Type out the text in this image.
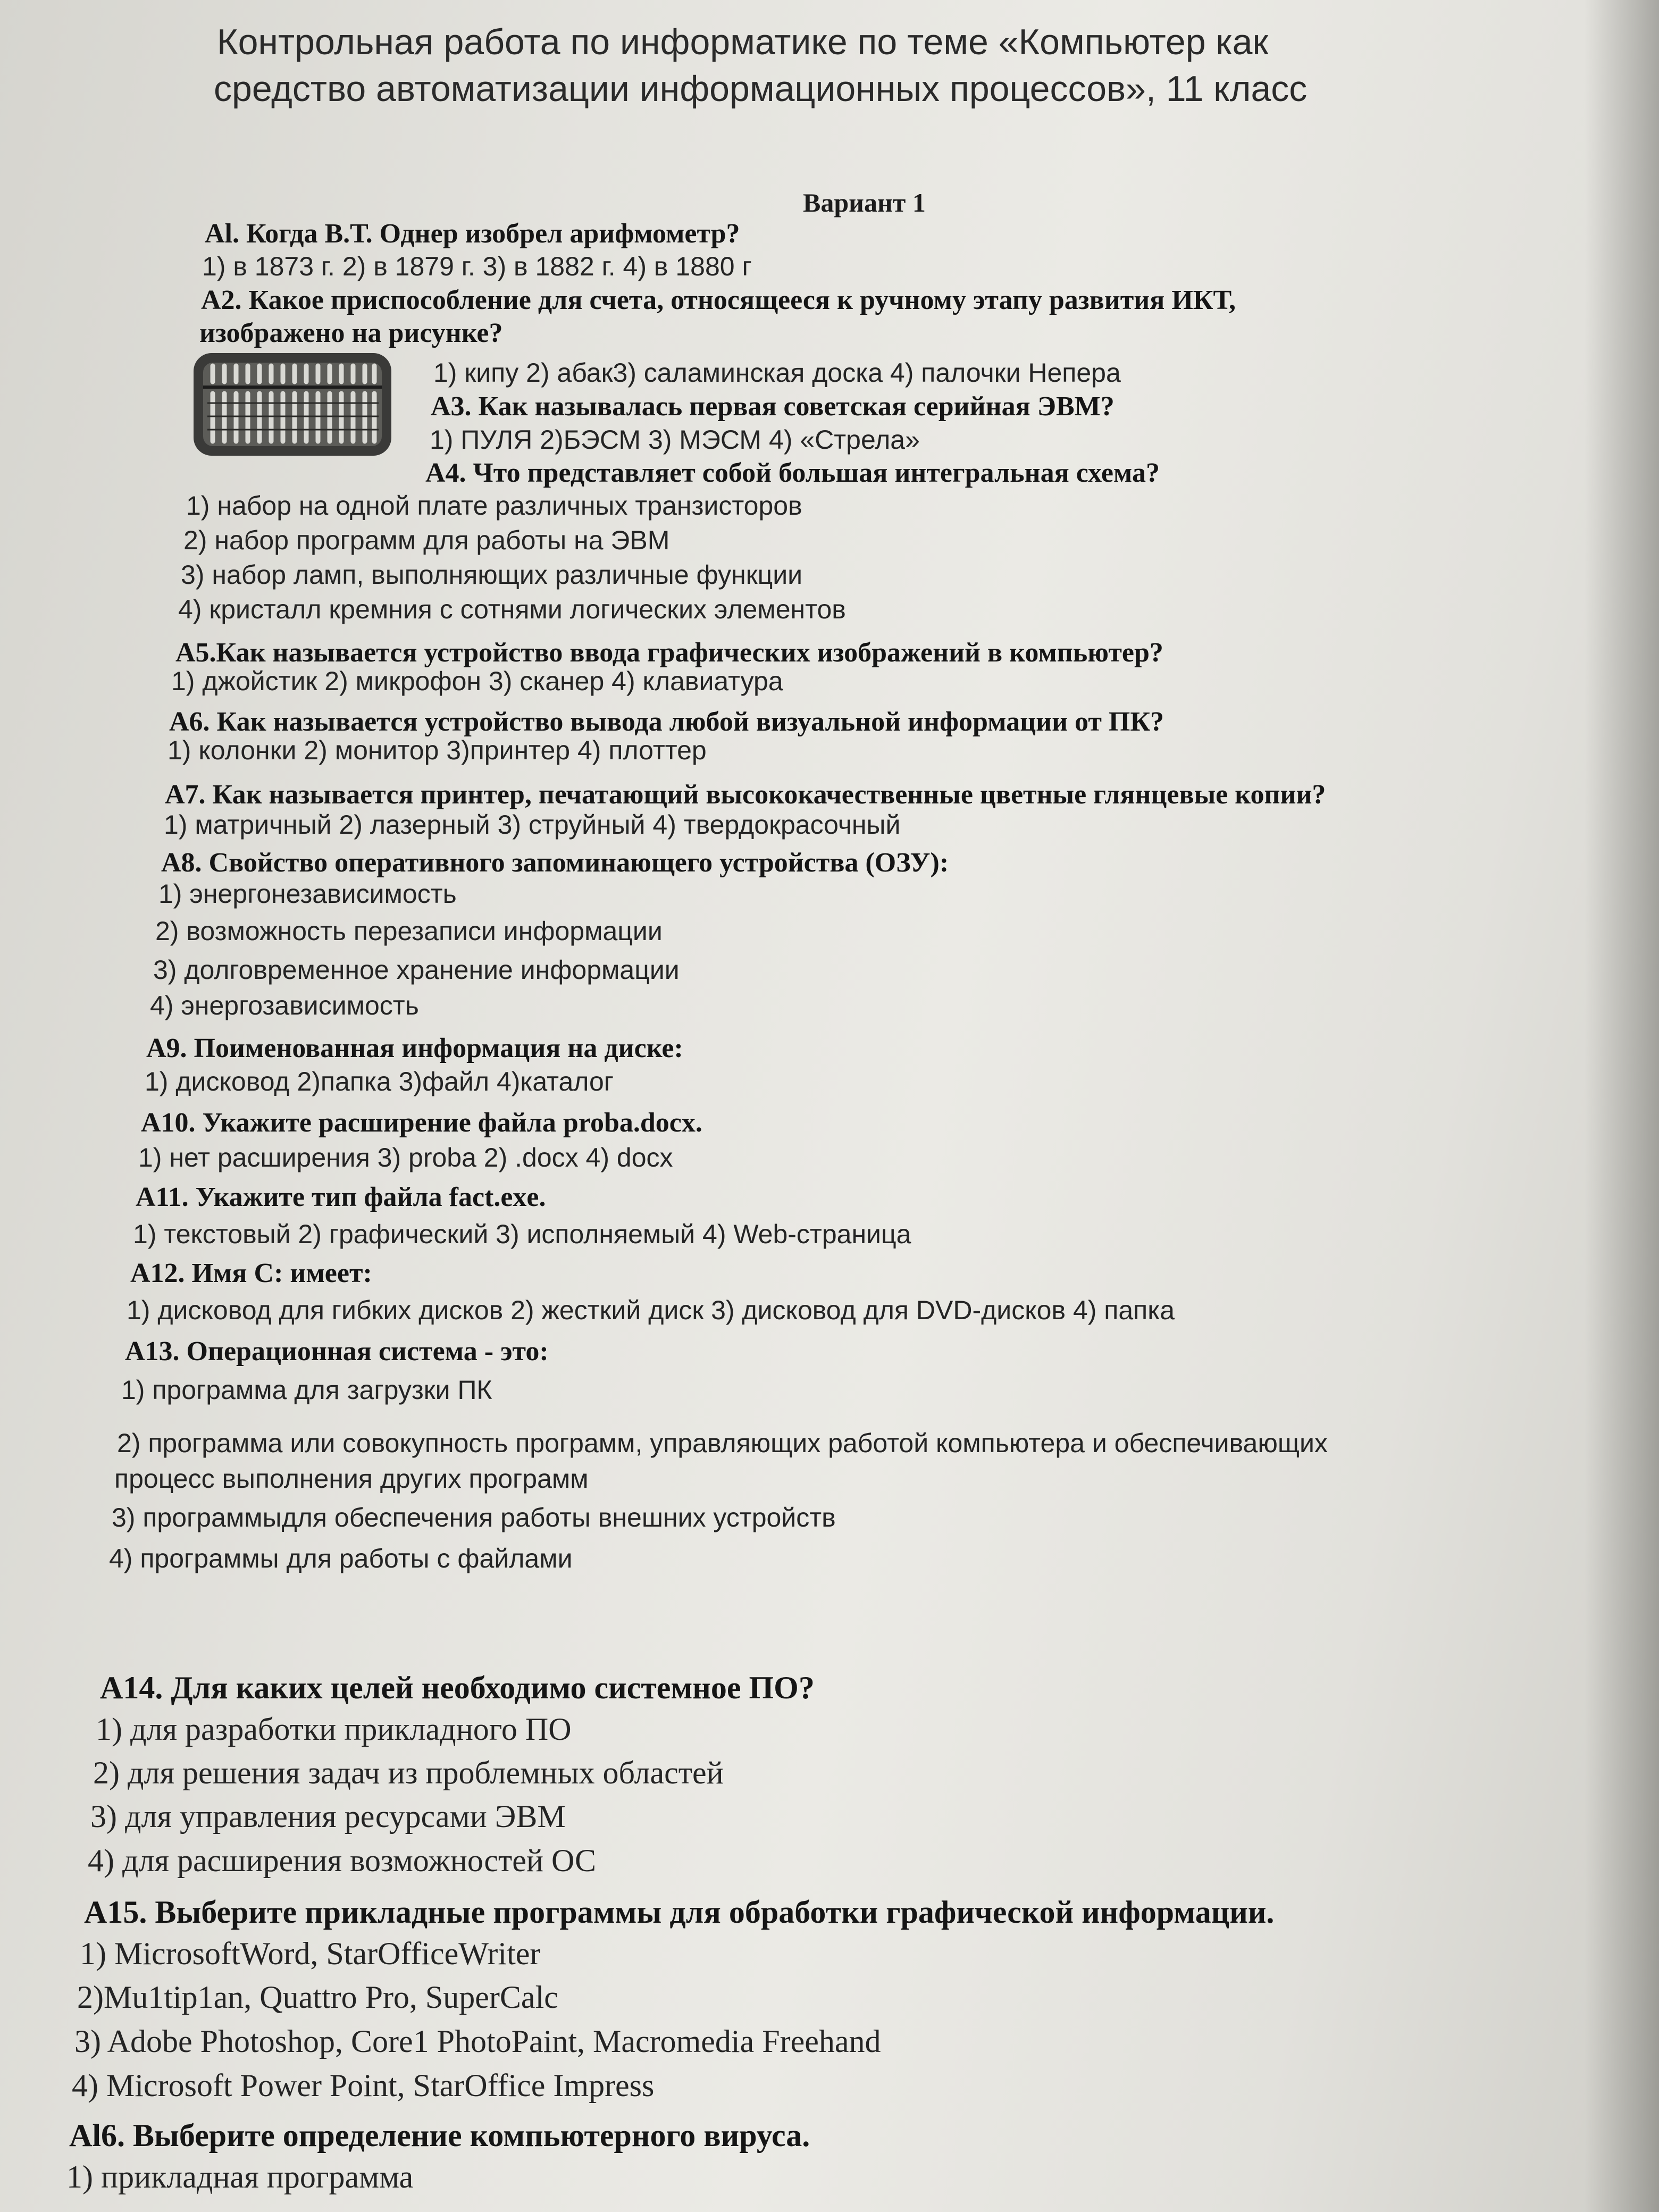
Контрольная работа по информатике по теме «Компьютер как
средство автоматизации информационных процессов», 11 класс
Вариант 1
Al. Когда В.Т. Однер изобрел арифмометр?
1) в 1873 г. 2) в 1879 г. 3) в 1882 г. 4) в 1880 г
А2. Какое приспособление для счета, относящееся к ручному этапу развития ИКТ,
изображено на рисунке?
1) кипу 2) абак3) саламинская доска 4) палочки Непера
А3. Как называлась первая советская серийная ЭВМ?
1) ПУЛЯ 2)БЭСМ 3) МЭСМ 4) «Стрела»
А4. Что представляет собой большая интегральная схема?
1) набор на одной плате различных транзисторов
2) набор программ для работы на ЭВМ
3) набор ламп, выполняющих различные функции
4) кристалл кремния с сотнями логических элементов
А5.Как называется устройство ввода графических изображений в компьютер?
1) джойстик 2) микрофон 3) сканер 4) клавиатура
А6. Как называется устройство вывода любой визуальной информации от ПК?
1) колонки 2) монитор 3)принтер 4) плоттер
А7. Как называется принтер, печатающий высококачественные цветные глянцевые копии?
1) матричный 2) лазерный 3) струйный 4) твердокрасочный
А8. Свойство оперативного запоминающего устройства (ОЗУ):
1) энергонезависимость
2) возможность перезаписи информации
3) долговременное хранение информации
4) энергозависимость
А9. Поименованная информация на диске:
1) дисковод 2)папка 3)файл 4)каталог
А10. Укажите расширение файла proba.docx.
1) нет расширения 3) proba 2) .docx 4) docx
А11. Укажите тип файла fact.exe.
1) текстовый 2) графический 3) исполняемый 4) Web-страница
А12. Имя С: имеет:
1) дисковод для гибких дисков 2) жесткий диск 3) дисковод для DVD-дисков 4) папка
А13. Операционная система - это:
1) программа для загрузки ПК
2) программа или совокупность программ, управляющих работой компьютера и обеспечивающих
процесс выполнения других программ
3) программыдля обеспечения работы внешних устройств
4) программы для работы с файлами
А14. Для каких целей необходимо системное ПО?
1) для разработки прикладного ПО
2) для решения задач из проблемных областей
3) для управления ресурсами ЭВМ
4) для расширения возможностей ОС
А15. Выберите прикладные программы для обработки графической информации.
1) MicrosoftWord, StarOfficeWriter
2)Mu1tip1an, Quattro Pro, SuperCalc
3) Adobe Photoshop, Core1 PhotoPaint, Macromedia Freehand
4) Microsoft Power Point, StarOffice Impress
Al6. Выберите определение компьютерного вируса.
1) прикладная программа
